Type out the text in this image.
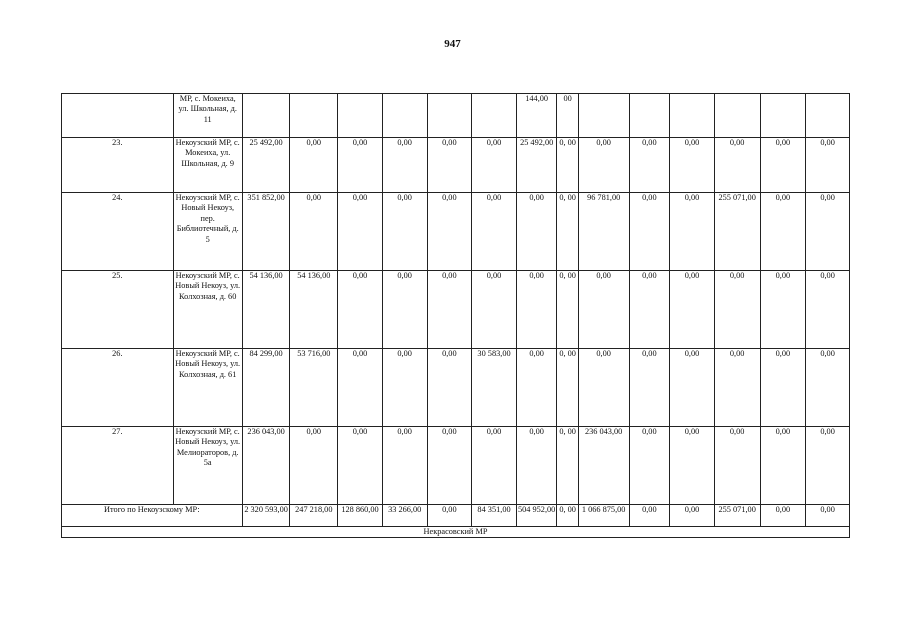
947
	МР, с. Мокеиха, ул. Школьная, д. 11							144,00	00						
23.	Некоузский МР, с. Мокеиха, ул. Школьная, д. 9	25 492,00	0,00	0,00	0,00	0,00	0,00	25 492,00	0, 00	0,00	0,00	0,00	0,00	0,00	0,00
24.	Некоузский МР, с. Новый Некоуз, пер. Библиотечный, д. 5	351 852,00	0,00	0,00	0,00	0,00	0,00	0,00	0, 00	96 781,00	0,00	0,00	255 071,00	0,00	0,00
25.	Некоузский МР, с. Новый Некоуз, ул. Колхозная, д. 60	54 136,00	54 136,00	0,00	0,00	0,00	0,00	0,00	0, 00	0,00	0,00	0,00	0,00	0,00	0,00
26.	Некоузский МР, с. Новый Некоуз, ул. Колхозная, д. 61	84 299,00	53 716,00	0,00	0,00	0,00	30 583,00	0,00	0, 00	0,00	0,00	0,00	0,00	0,00	0,00
27.	Некоузский МР, с. Новый Некоуз, ул. Мелиораторов, д. 5а	236 043,00	0,00	0,00	0,00	0,00	0,00	0,00	0, 00	236 043,00	0,00	0,00	0,00	0,00	0,00
Итого по Некоузскому МР:		2 320 593,00	247 218,00	128 860,00	33 266,00	0,00	84 351,00	504 952,00	0, 00	1 066 875,00	0,00	0,00	255 071,00	0,00	0,00
Некрасовский МР															
